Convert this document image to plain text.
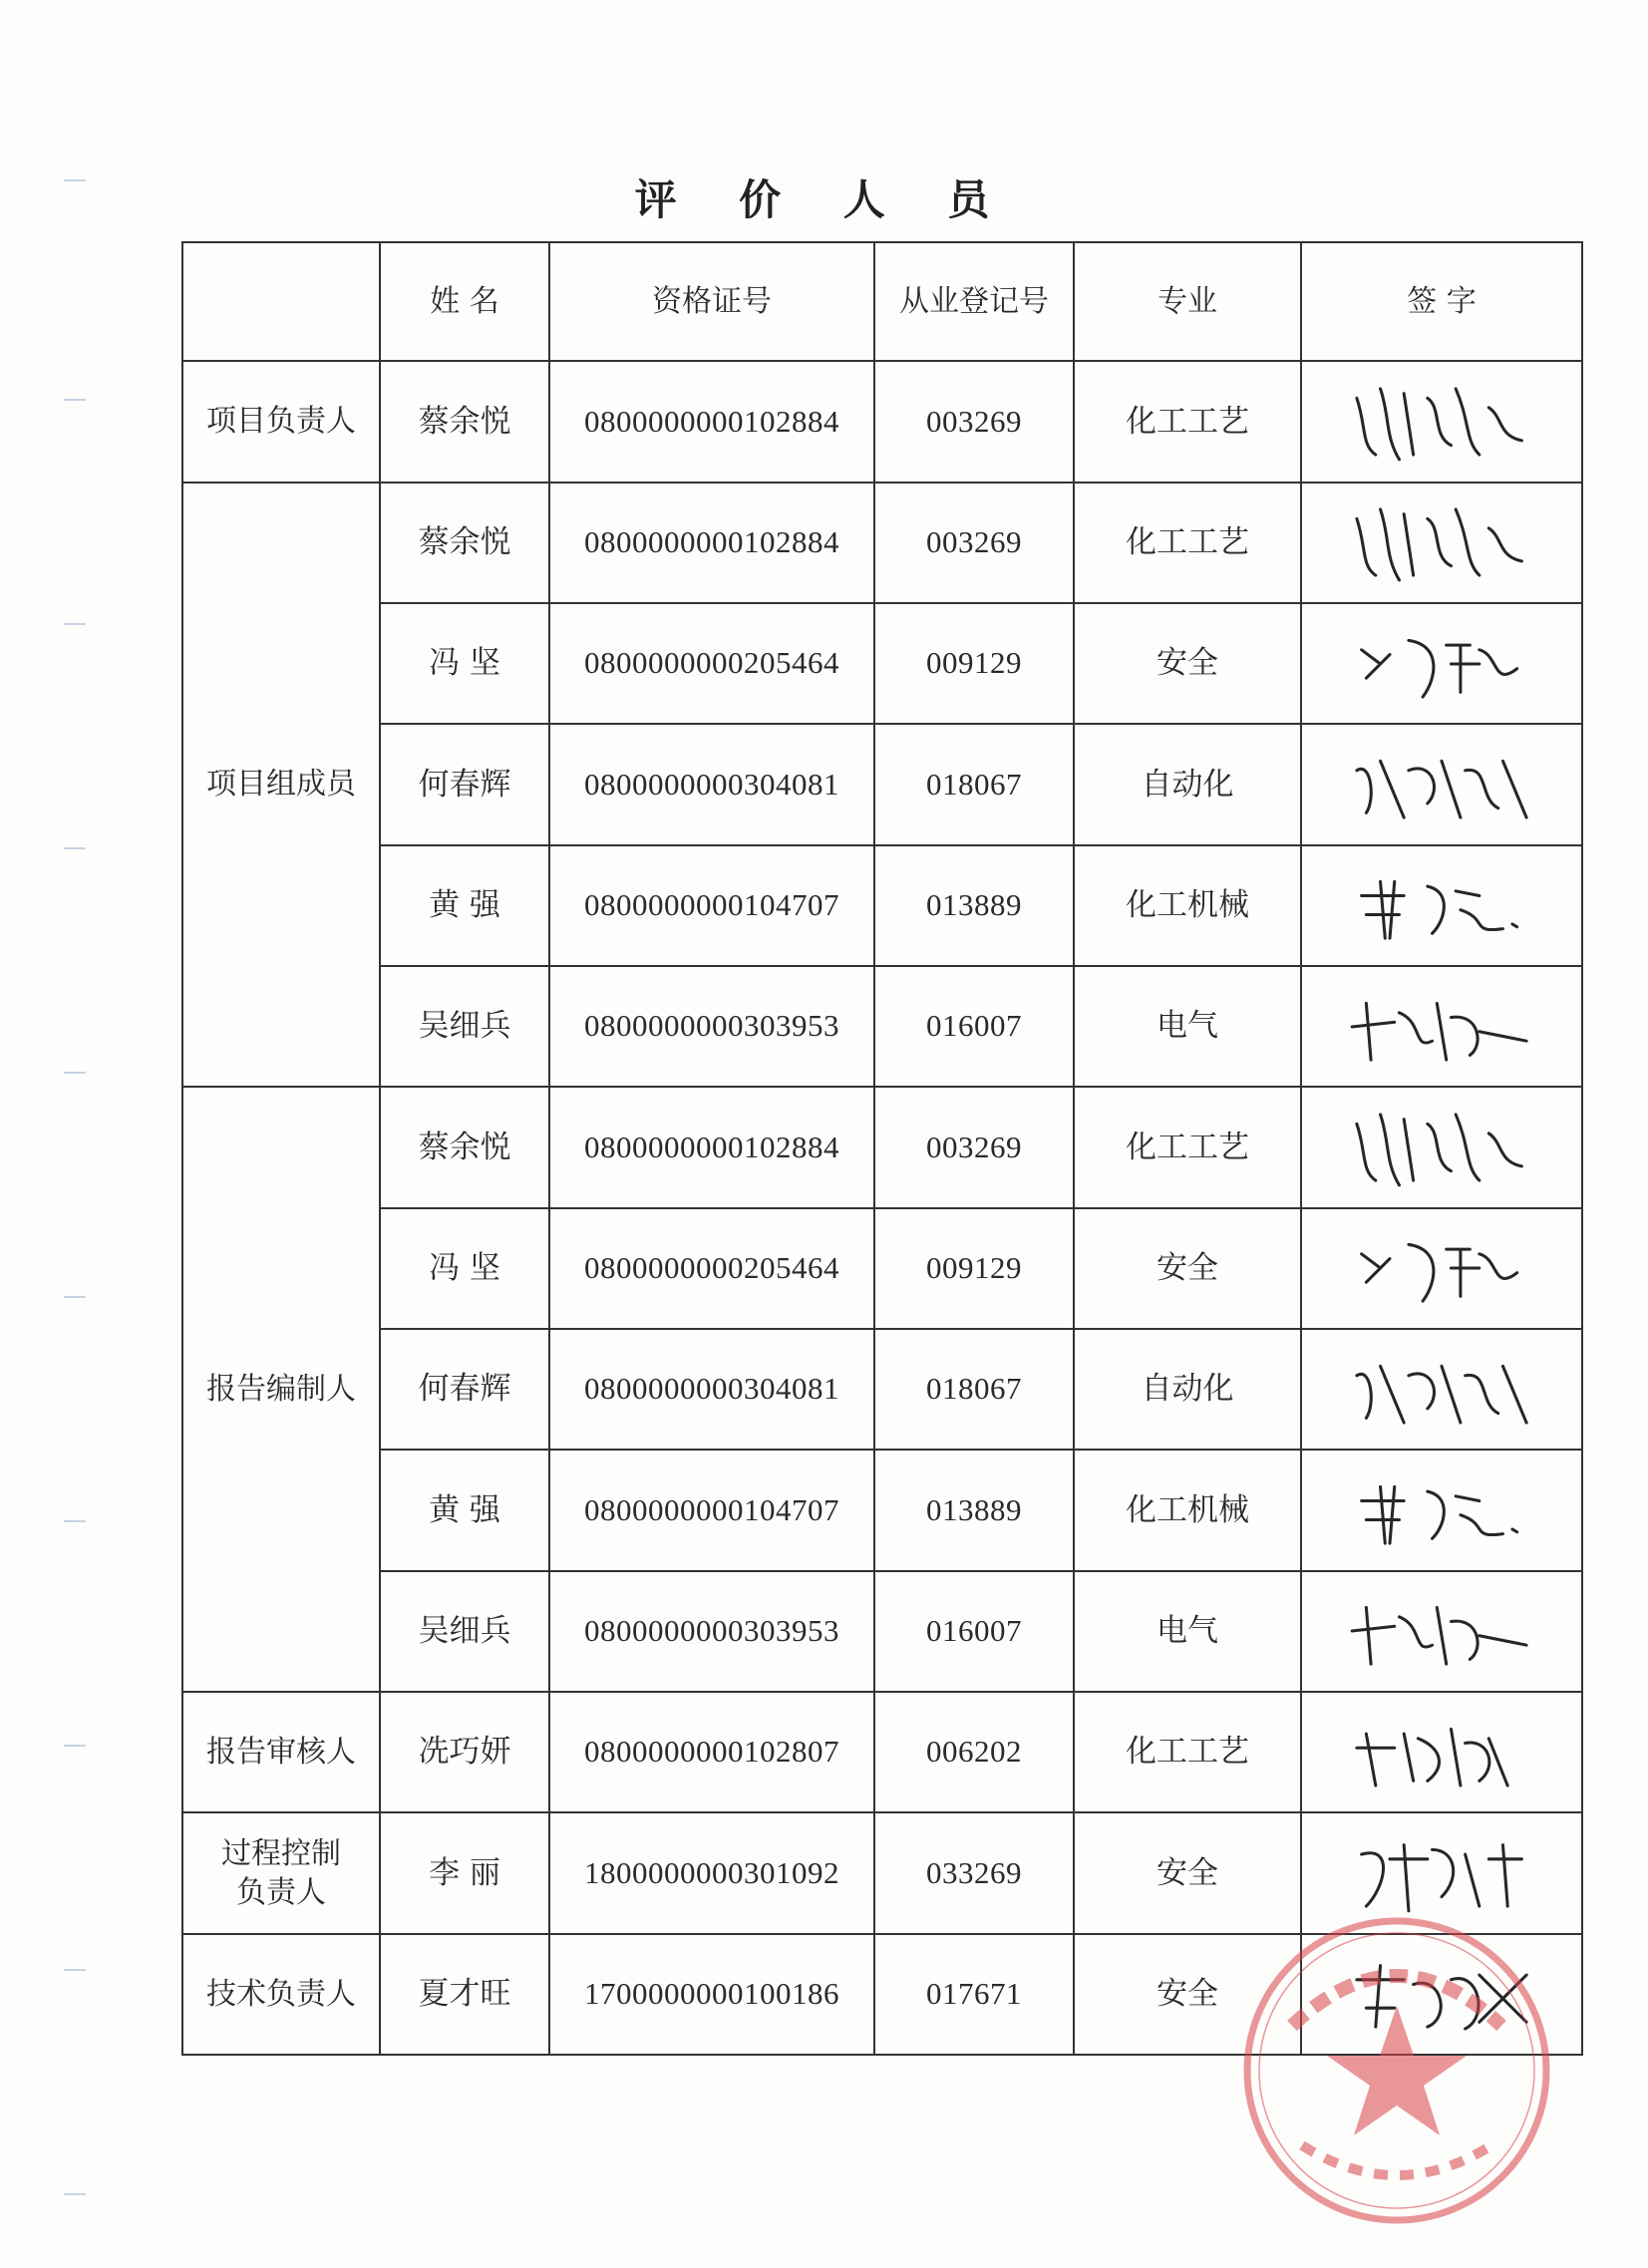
评 价 人 员
	姓 名	资格证号	从业登记号	专业	签 字
项目负责人	蔡余悦	0800000000102884	003269	化工工艺	

项目组成员	蔡余悦	0800000000102884	003269	化工工艺	

	冯 坚	0800000000205464	009129	安全	

	何春辉	0800000000304081	018067	自动化	

	黄 强	0800000000104707	013889	化工机械	

	吴细兵	0800000000303953	016007	电气	

报告编制人	蔡余悦	0800000000102884	003269	化工工艺	

	冯 坚	0800000000205464	009129	安全	

	何春辉	0800000000304081	018067	自动化	

	黄 强	0800000000104707	013889	化工机械	

	吴细兵	0800000000303953	016007	电气	

报告审核人	冼巧妍	0800000000102807	006202	化工工艺	

过程控制
负责人	李 丽	1800000000301092	033269	安全	

技术负责人	夏才旺	1700000000100186	017671	安全	
